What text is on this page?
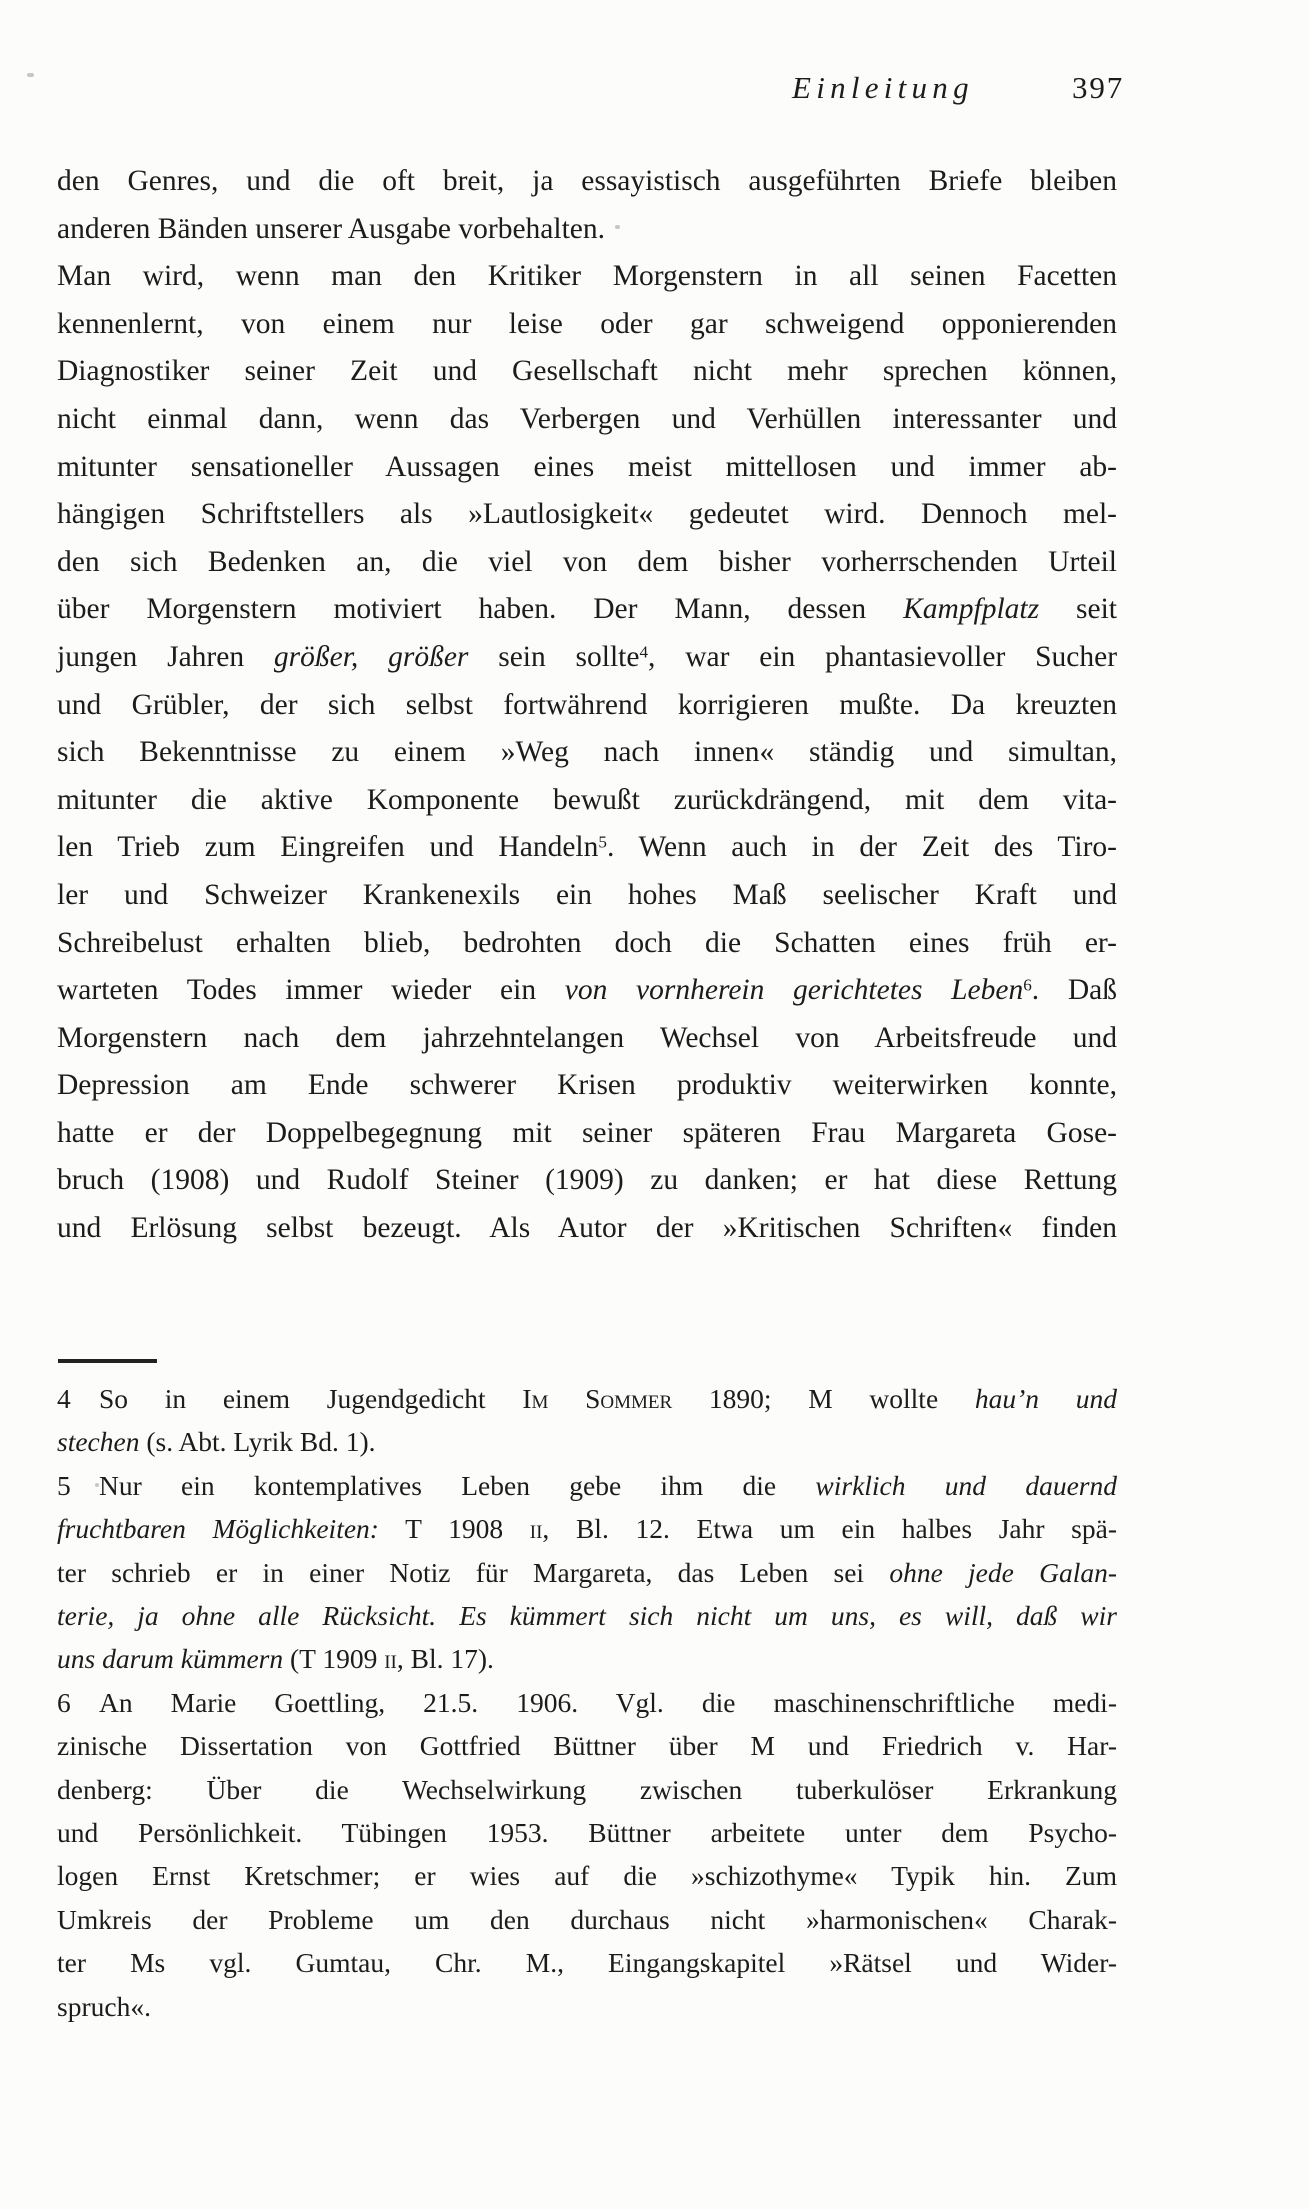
Einleitung	397
den Genres, und die oft breit, ja essayistisch ausgeführten Briefe bleiben
anderen Bänden unserer Ausgabe vorbehalten.
Man wird, wenn man den Kritiker Morgenstern in all seinen Facetten
kennenlernt, von einem nur leise oder gar schweigend opponierenden
Diagnostiker seiner Zeit und Gesellschaft nicht mehr sprechen können,
nicht einmal dann, wenn das Verbergen und Verhüllen interessanter und
mitunter sensationeller Aussagen eines meist mittellosen und immer ab-
hängigen Schriftstellers als »Lautlosigkeit« gedeutet wird. Dennoch mel-
den sich Bedenken an, die viel von dem bisher vorherrschenden Urteil
über Morgenstern motiviert haben. Der Mann, dessen Kampfplatz seit
jungen Jahren größer, größer sein sollte$^4$, war ein phantasievoller Sucher
und Grübler, der sich selbst fortwährend korrigieren mußte. Da kreuzten
sich Bekenntnisse zu einem »Weg nach innen« ständig und simultan,
mitunter die aktive Komponente bewußt zurückdrängend, mit dem vita-
len Trieb zum Eingreifen und Handeln$^5$. Wenn auch in der Zeit des Tiro-
ler und Schweizer Krankenexils ein hohes Maß seelischer Kraft und
Schreibelust erhalten blieb, bedrohten doch die Schatten eines früh er-
warteten Todes immer wieder ein von vornherein gerichtetes Leben$^6$. Daß
Morgenstern nach dem jahrzehntelangen Wechsel von Arbeitsfreude und
Depression am Ende schwerer Krisen produktiv weiterwirken konnte,
hatte er der Doppelbegegnung mit seiner späteren Frau Margareta Gose-
bruch (1908) und Rudolf Steiner (1909) zu danken; er hat diese Rettung
und Erlösung selbst bezeugt. Als Autor der »Kritischen Schriften« finden
4 So in einem Jugendgedicht Im Sommer 1890; M wollte hau’n und
stechen (s. Abt. Lyrik Bd. 1).
5 Nur ein kontemplatives Leben gebe ihm die wirklich und dauernd
fruchtbaren Möglichkeiten: T 1908 ii, Bl. 12. Etwa um ein halbes Jahr spä-
ter schrieb er in einer Notiz für Margareta, das Leben sei ohne jede Galan-
terie, ja ohne alle Rücksicht. Es kümmert sich nicht um uns, es will, daß wir
uns darum kümmern (T 1909 ii, Bl. 17).
6 An Marie Goettling, 21.5. 1906. Vgl. die maschinenschriftliche medi-
zinische Dissertation von Gottfried Büttner über M und Friedrich v. Har-
denberg: Über die Wechselwirkung zwischen tuberkulöser Erkrankung
und Persönlichkeit. Tübingen 1953. Büttner arbeitete unter dem Psycho-
logen Ernst Kretschmer; er wies auf die »schizothyme« Typik hin. Zum
Umkreis der Probleme um den durchaus nicht »harmonischen« Charak-
ter Ms vgl. Gumtau, Chr. M., Eingangskapitel »Rätsel und Wider-
spruch«.
